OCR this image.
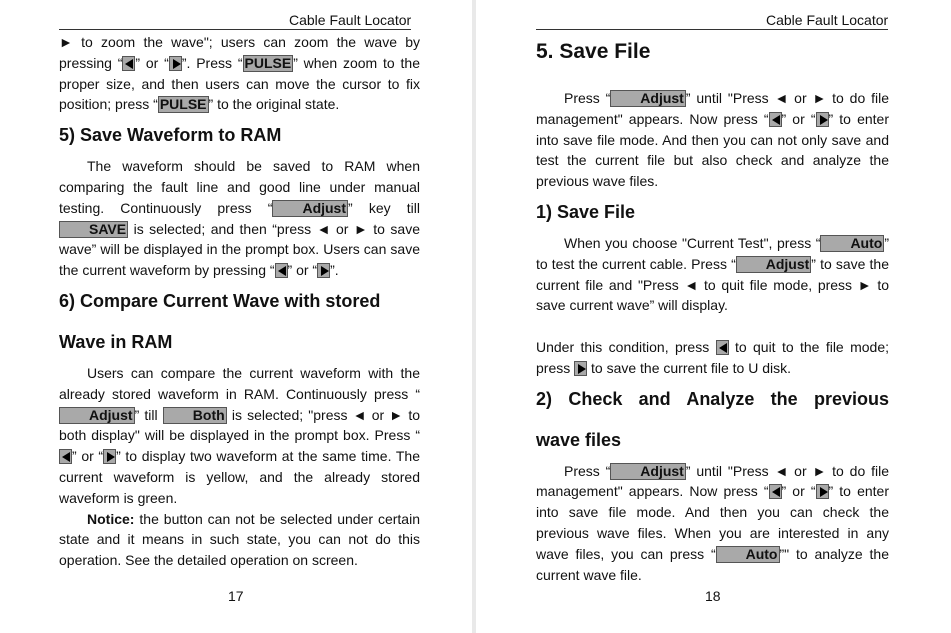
Cable Fault Locator

► to zoom the wave"; users can zoom the wave by pressing “ ” or “ ”. Press “ PULSE ” when zoom to the proper size, and then users can move the cursor to fix position; press “ PULSE ” to the original state.

5) Save Waveform to RAM

The waveform should be saved to RAM when comparing the fault line and good line under manual testing. Continuously press “ Adjust ” key till SAVE is selected; and then “press ◄ or ► to save wave” will be displayed in the prompt box. Users can save the current waveform by pressing “ ” or “ ”.

6) Compare Current Wave with stored
Wave in RAM

Users can compare the current waveform with the already stored waveform in RAM. Continuously press “Adjust ” till Both is selected; "press ◄ or ► to both display" will be displayed in the prompt box. Press “” or “ ” to display two waveform at the same time. The current waveform is yellow, and the already stored waveform is green.

Notice: the button can not be selected under certain state and it means in such state, you can not do this operation. See the detailed operation on screen.

17
Cable Fault Locator
5. Save File

Press “ Adjust ” until "Press ◄ or ► to do file management" appears. Now press “ ” or “ ” to enter into save file mode. And then you can not only save and test the current file but also check and analyze the previous wave files.

1) Save File

When you choose "Current Test", press “ Auto ” to test the current cable. Press “ Adjust ” to save the current file and "Press ◄ to quit file mode, press ► to save current wave” will display.

Under this condition, press  to quit to the file mode; press  to save the current file to U disk.

2) Check and Analyze the previous
wave files

Press “ Adjust ” until "Press ◄ or ► to do file management" appears. Now press “ ” or “ ” to enter into save file mode. And then you can check the previous wave files. When you are interested in any wave files, you can press “ Auto ”" to analyze the current wave file.

18
